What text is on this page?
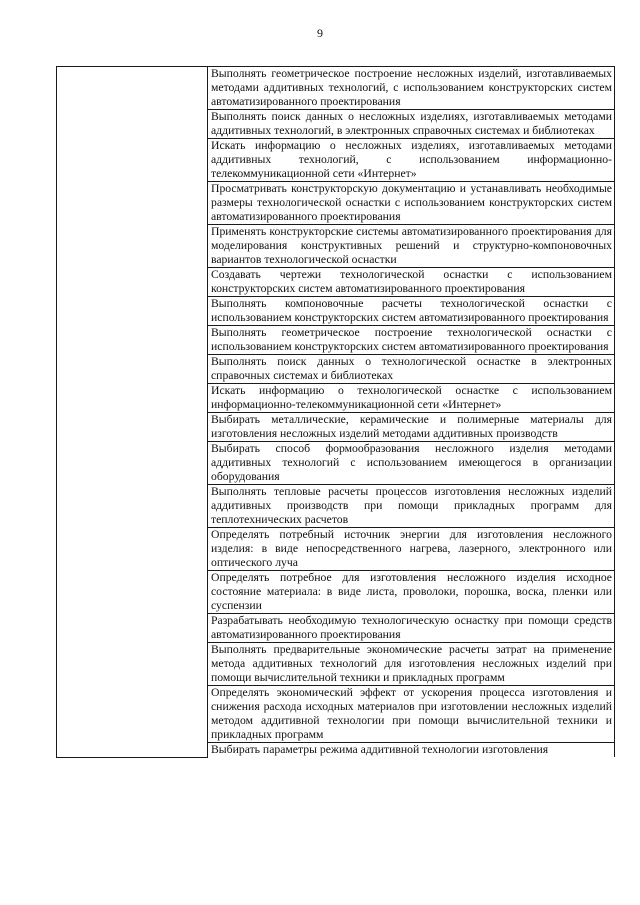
9

Выполнять геометрическое построение несложных изделий, изготавливаемых методами аддитивных технологий, с использованием конструкторских систем автоматизированного проектирования

Выполнять поиск данных о несложных изделиях, изготавливаемых методами аддитивных технологий, в электронных справочных системах и библиотеках

Искать информацию о несложных изделиях, изготавливаемых методами аддитивных технологий, с использованием информационно-телекоммуникационной сети «Интернет»

Просматривать конструкторскую документацию и устанавливать необходимые размеры технологической оснастки с использованием конструкторских систем автоматизированного проектирования

Применять конструкторские системы автоматизированного проектирования для моделирования конструктивных решений и структурно-компоновочных вариантов технологической оснастки

Создавать чертежи технологической оснастки с использованием конструкторских систем автоматизированного проектирования

Выполнять компоновочные расчеты технологической оснастки с использованием конструкторских систем автоматизированного проектирования

Выполнять геометрическое построение технологической оснастки с использованием конструкторских систем автоматизированного проектирования

Выполнять поиск данных о технологической оснастке в электронных справочных системах и библиотеках

Искать информацию о технологической оснастке с использованием информационно-телекоммуникационной сети «Интернет»

Выбирать металлические, керамические и полимерные материалы для изготовления несложных изделий методами аддитивных производств

Выбирать способ формообразования несложного изделия методами аддитивных технологий с использованием имеющегося в организации оборудования

Выполнять тепловые расчеты процессов изготовления несложных изделий аддитивных производств при помощи прикладных программ для теплотехнических расчетов

Определять потребный источник энергии для изготовления несложного изделия: в виде непосредственного нагрева, лазерного, электронного или оптического луча

Определять потребное для изготовления несложного изделия исходное состояние материала: в виде листа, проволоки, порошка, воска, пленки или суспензии

Разрабатывать необходимую технологическую оснастку при помощи средств автоматизированного проектирования

Выполнять предварительные экономические расчеты затрат на применение метода аддитивных технологий для изготовления несложных изделий при помощи вычислительной техники и прикладных программ

Определять экономический эффект от ускорения процесса изготовления и снижения расхода исходных материалов при изготовлении несложных изделий методом аддитивной технологии при помощи вычислительной техники и прикладных программ

Выбирать параметры режима аддитивной технологии изготовления
